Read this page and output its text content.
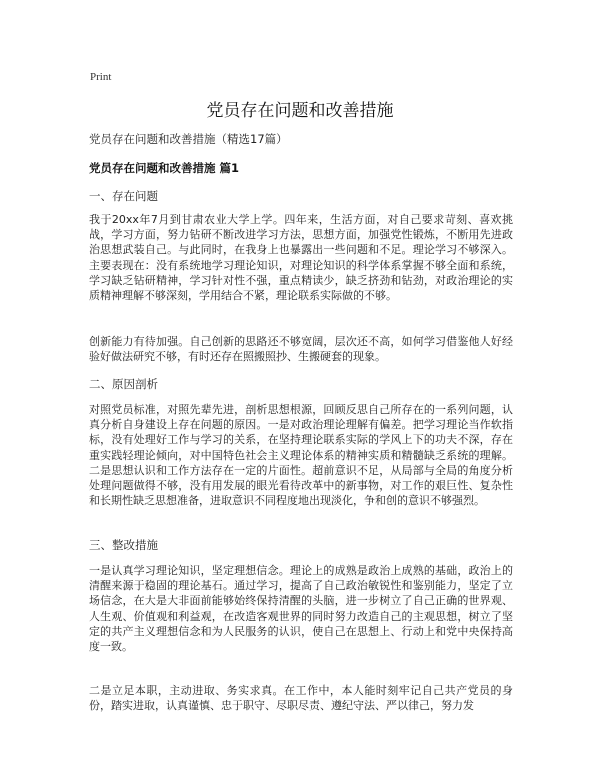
Print
党员存在问题和改善措施
党员存在问题和改善措施（精选17篇）
党员存在问题和改善措施 篇1
一、存在问题

我于20xx年7月到甘肃农业大学上学。四年来，生活方面，对自己要求苛刻、喜欢挑战，学习方面，努力钻研不断改进学习方法，思想方面，加强党性锻炼，不断用先进政治思想武装自己。与此同时，在我身上也暴露出一些问题和不足。理论学习不够深入。主要表现在：没有系统地学习理论知识，对理论知识的科学体系掌握不够全面和系统，学习缺乏钻研精神，学习针对性不强，重点精读少，缺乏挤劲和钻劲，对政治理论的实质精神理解不够深刻，学用结合不紧，理论联系实际做的不够。

创新能力有待加强。自己创新的思路还不够宽阔，层次还不高，如何学习借鉴他人好经验好做法研究不够，有时还存在照搬照抄、生搬硬套的现象。

二、原因剖析

对照党员标准，对照先辈先进，剖析思想根源，回顾反思自己所存在的一系列问题，认真分析自身建设上存在问题的原因。一是对政治理论理解有偏差。把学习理论当作软指标，没有处理好工作与学习的关系，在坚持理论联系实际的学风上下的功夫不深，存在重实践轻理论倾向，对中国特色社会主义理论体系的精神实质和精髓缺乏系统的理解。二是思想认识和工作方法存在一定的片面性。超前意识不足，从局部与全局的角度分析处理问题做得不够，没有用发展的眼光看待改革中的新事物，对工作的艰巨性、复杂性和长期性缺乏思想准备，进取意识不同程度地出现淡化，争和创的意识不够强烈。

三、整改措施

一是认真学习理论知识，坚定理想信念。理论上的成熟是政治上成熟的基础，政治上的清醒来源于稳固的理论基石。通过学习，提高了自己政治敏锐性和鉴别能力，坚定了立场信念，在大是大非面前能够始终保持清醒的头脑，进一步树立了自己正确的世界观、人生观、价值观和利益观，在改造客观世界的同时努力改造自己的主观思想，树立了坚定的共产主义理想信念和为人民服务的认识，使自己在思想上、行动上和党中央保持高度一致。

二是立足本职，主动进取、务实求真。在工作中，本人能时刻牢记自己共产党员的身份，踏实进取，认真谨慎、忠于职守、尽职尽责、遵纪守法、严以律己，努力发
